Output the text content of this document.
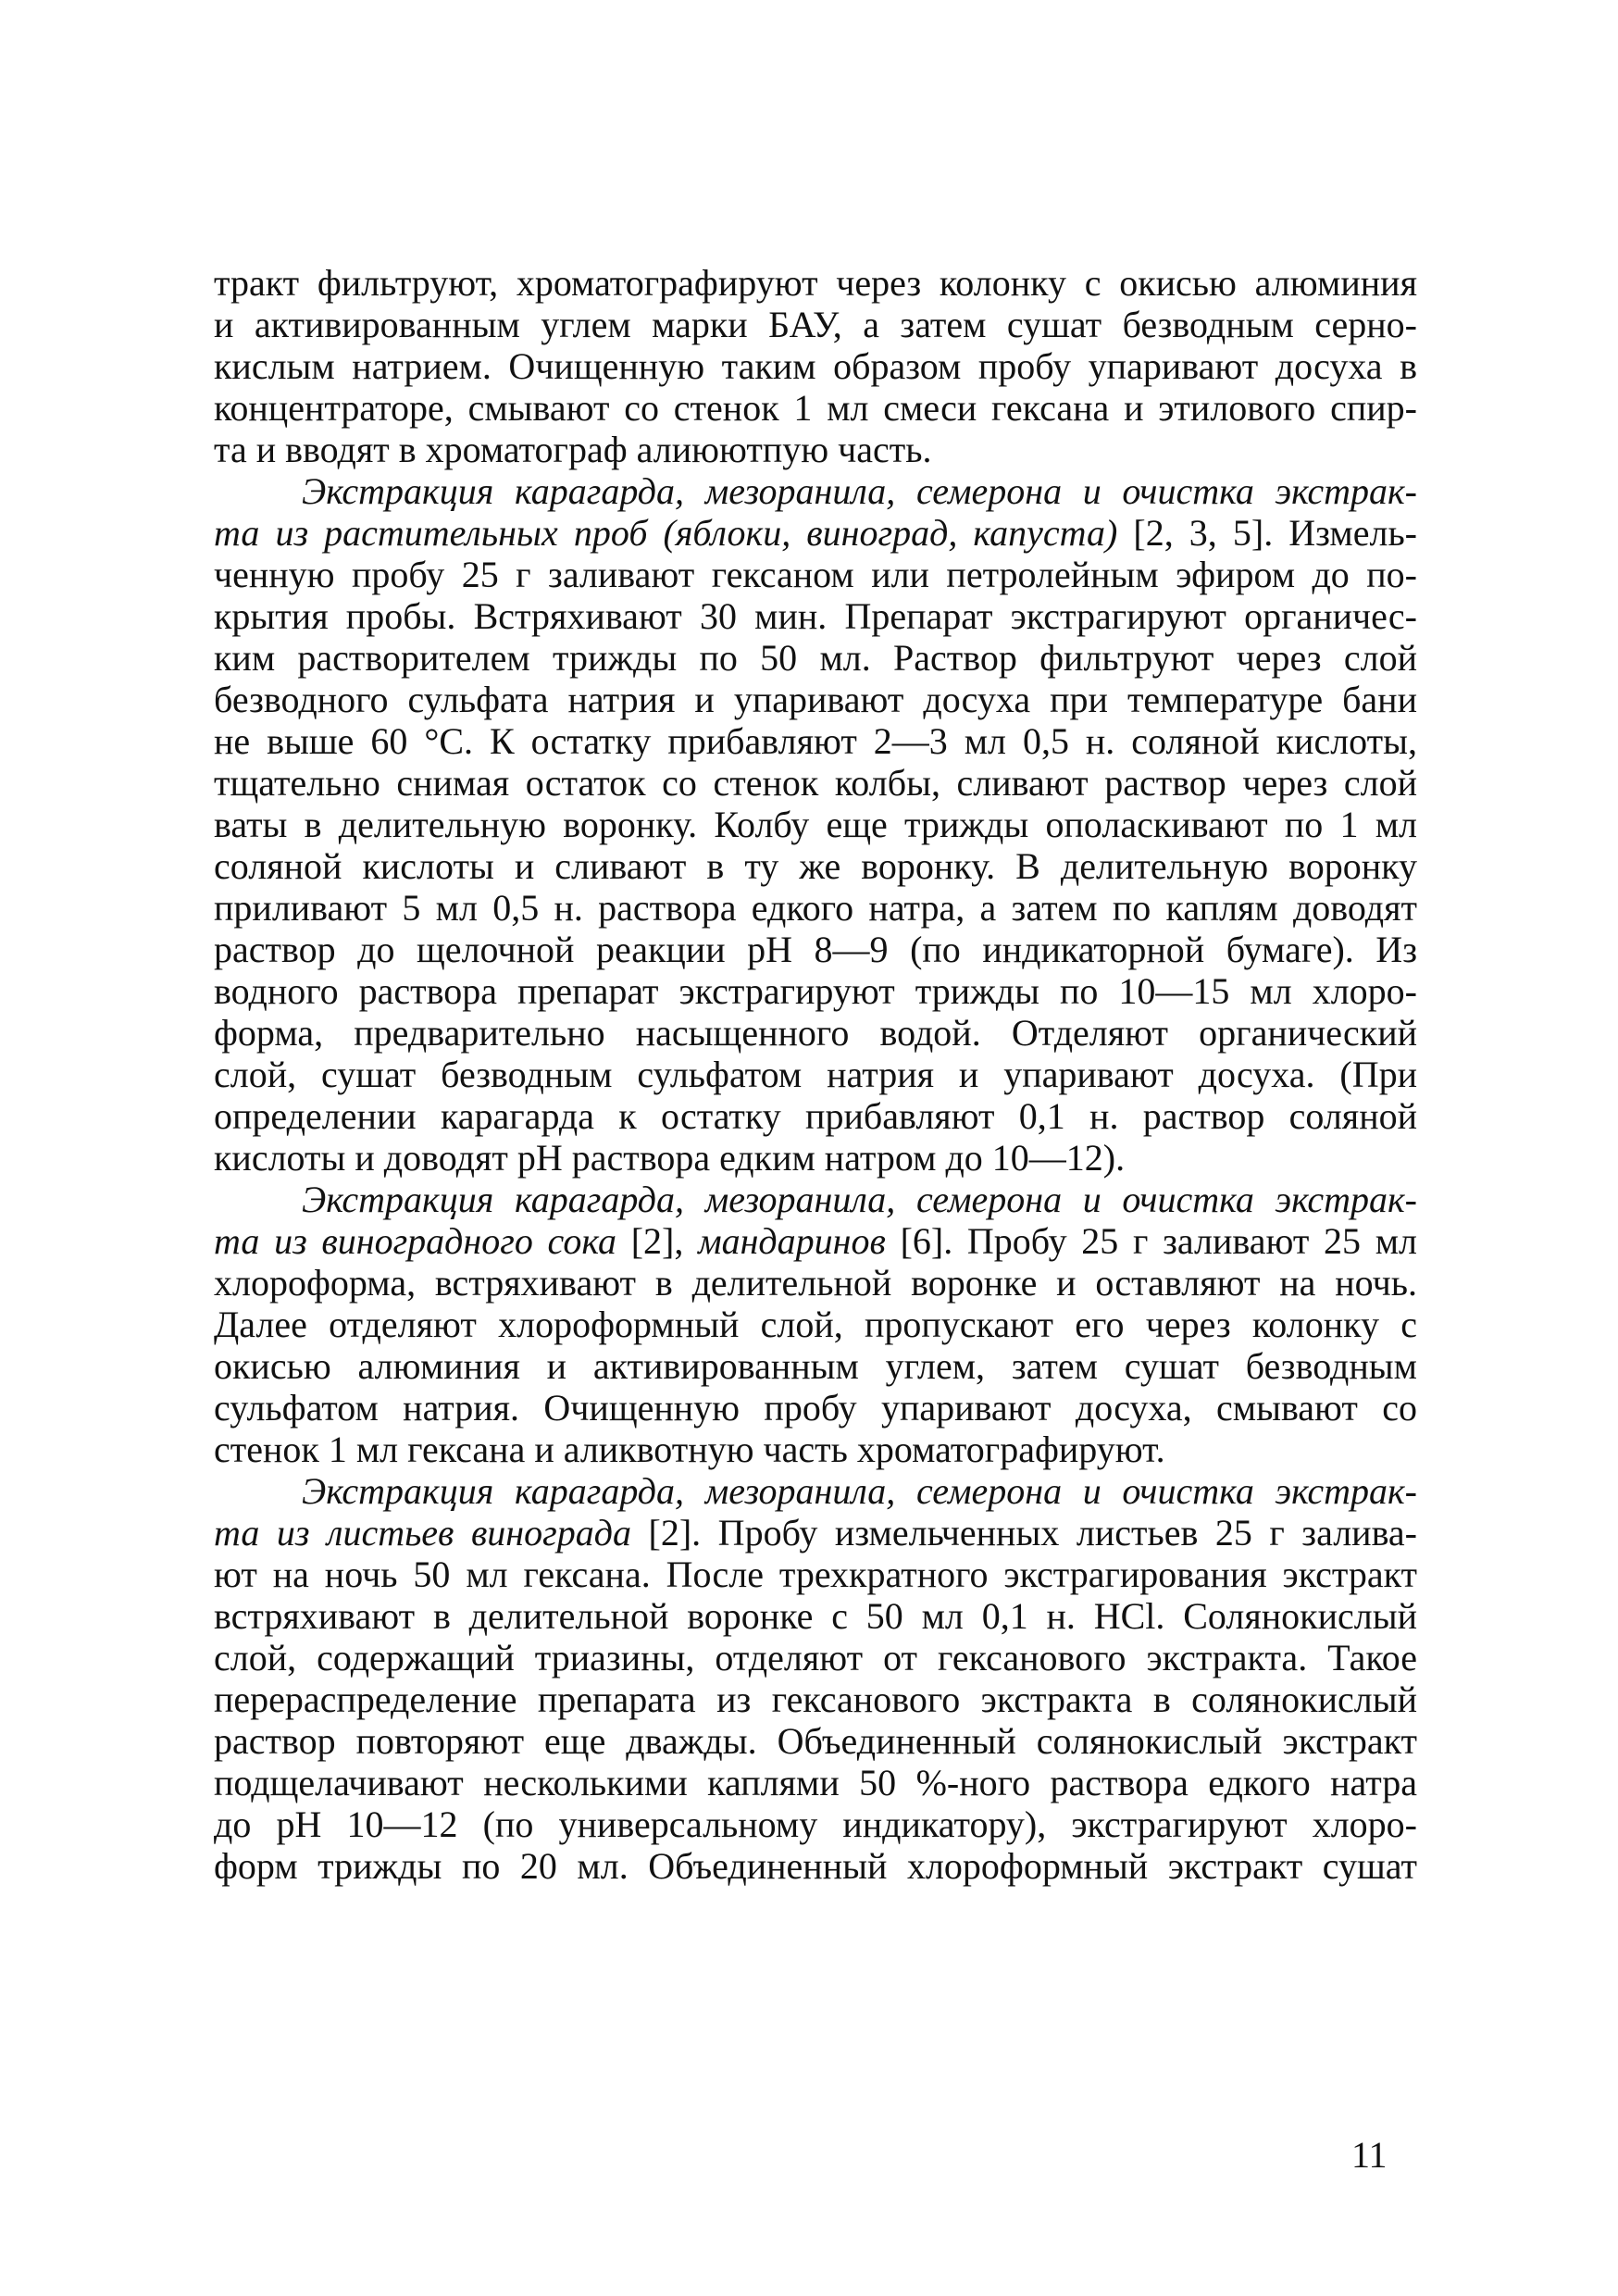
тракт фильтруют, хроматографируют через колонку с окисью алюминия
и активированным углем марки БАУ, а затем сушат безводным серно-
кислым натрием. Очищенную таким образом пробу упаривают досуха в
концентраторе, смывают со стенок 1 мл смеси гексана и этилового спир-
та и вводят в хроматограф алиюютпую часть.
Экстракция карагарда, мезоранила, семерона и очистка экстрак-
та из растительных проб (яблоки, виноград, капуста) [2, 3, 5]. Измель-
ченную пробу 25 г заливают гексаном или петролейным эфиром до по-
крытия пробы. Встряхивают 30 мин. Препарат экстрагируют органичес-
ким растворителем трижды по 50 мл. Раствор фильтруют через слой
безводного сульфата натрия и упаривают досуха при температуре бани
не выше 60 °С. К остатку прибавляют 2—3 мл 0,5 н. соляной кислоты,
тщательно снимая остаток со стенок колбы, сливают раствор через слой
ваты в делительную воронку. Колбу еще трижды ополаскивают по 1 мл
соляной кислоты и сливают в ту же воронку. В делительную воронку
приливают 5 мл 0,5 н. раствора едкого натра, а затем по каплям доводят
раствор до щелочной реакции рН 8—9 (по индикаторной бумаге). Из
водного раствора препарат экстрагируют трижды по 10—15 мл хлоро-
форма, предварительно насыщенного водой. Отделяют органический
слой, сушат безводным сульфатом натрия и упаривают досуха. (При
определении карагарда к остатку прибавляют 0,1 н. раствор соляной
кислоты и доводят рН раствора едким натром до 10—12).
Экстракция карагарда, мезоранила, семерона и очистка экстрак-
та из виноградного сока [2], мандаринов [6]. Пробу 25 г заливают 25 мл
хлороформа, встряхивают в делительной воронке и оставляют на ночь.
Далее отделяют хлороформный слой, пропускают его через колонку с
окисью алюминия и активированным углем, затем сушат безводным
сульфатом натрия. Очищенную пробу упаривают досуха, смывают со
стенок 1 мл гексана и аликвотную часть хроматографируют.
Экстракция карагарда, мезоранила, семерона и очистка экстрак-
та из листьев винограда [2]. Пробу измельченных листьев 25 г залива-
ют на ночь 50 мл гексана. После трехкратного экстрагирования экстракт
встряхивают в делительной воронке с 50 мл 0,1 н. НСl. Солянокислый
слой, содержащий триазины, отделяют от гексанового экстракта. Такое
перераспределение препарата из гексанового экстракта в солянокислый
раствор повторяют еще дважды. Объединенный солянокислый экстракт
подщелачивают несколькими каплями 50 %-ного раствора едкого натра
до рН 10—12 (по универсальному индикатору), экстрагируют хлоро-
форм трижды по 20 мл. Объединенный хлороформный экстракт сушат
11
